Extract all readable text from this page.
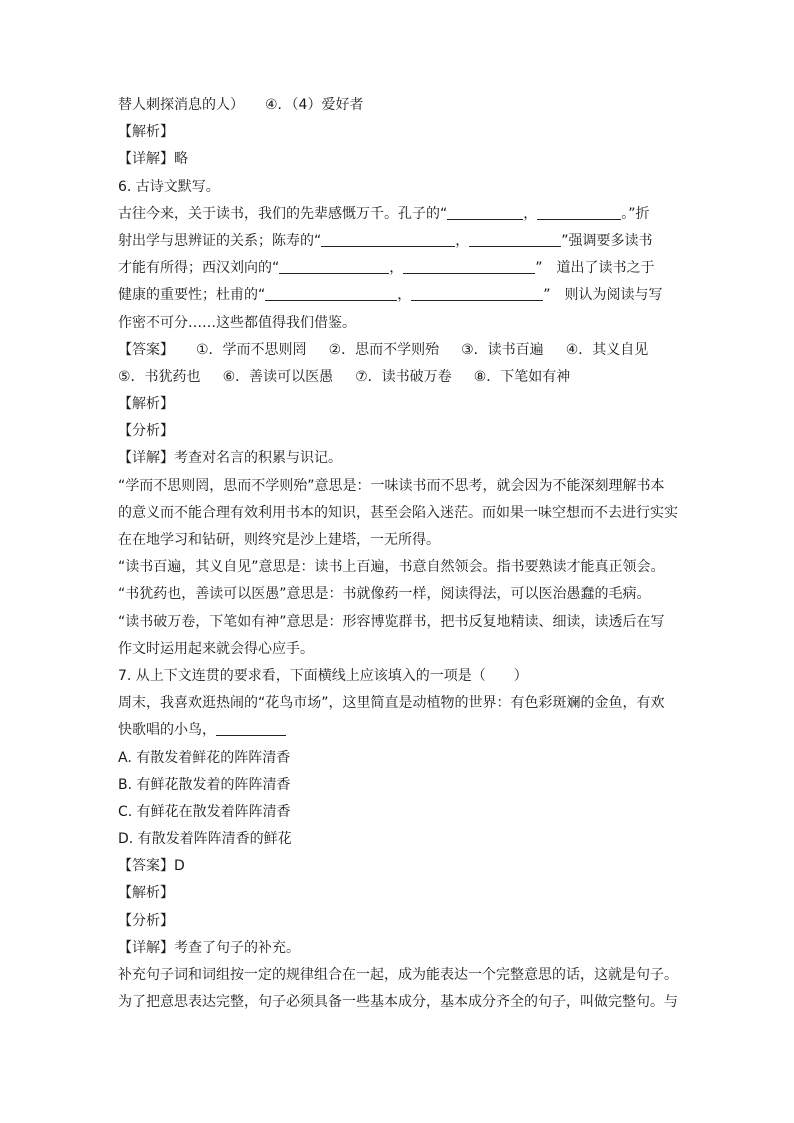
替人刺探消息的人）　　④．（4）爱好者
【解析】
【详解】略
6. 古诗文默写。
古往今来，关于读书，我们的先辈感慨万千。孔子的“	，	。”折
射出学与思辨证的关系；陈寿的“	，	”强调要多读书
才能有所得；西汉刘向的“	，	”　道出了读书之于
健康的重要性；杜甫的“	，	”　则认为阅读与写
作密不可分……这些都值得我们借鉴。
【答案】 ①．学而不思则罔 ②．思而不学则殆 ③．读书百遍 ④．其义自见
⑤．书犹药也 ⑥．善读可以医愚 ⑦．读书破万卷 ⑧．下笔如有神
【解析】
【分析】
【详解】考查对名言的积累与识记。
“学而不思则罔，思而不学则殆”意思是：一味读书而不思考，就会因为不能深刻理解书本
的意义而不能合理有效利用书本的知识，甚至会陷入迷茫。而如果一味空想而不去进行实实
在在地学习和钻研，则终究是沙上建塔，一无所得。
“读书百遍，其义自见”意思是：读书上百遍，书意自然领会。指书要熟读才能真正领会。
“书犹药也，善读可以医愚”意思是：书就像药一样，阅读得法，可以医治愚蠢的毛病。
“读书破万卷，下笔如有神”意思是：形容博览群书，把书反复地精读、细读，读透后在写
作文时运用起来就会得心应手。
7. 从上下文连贯的要求看，下面横线上应该填入的一项是（　　）
周末，我喜欢逛热闹的“花鸟市场”，这里简直是动植物的世界：有色彩斑斓的金鱼，有欢
快歌唱的小鸟，
A. 有散发着鲜花的阵阵清香
B. 有鲜花散发着的阵阵清香
C. 有鲜花在散发着阵阵清香
D. 有散发着阵阵清香的鲜花
【答案】D
【解析】
【分析】
【详解】考查了句子的补充。
补充句子词和词组按一定的规律组合在一起，成为能表达一个完整意思的话，这就是句子。
为了把意思表达完整，句子必须具备一些基本成分，基本成分齐全的句子，叫做完整句。与
